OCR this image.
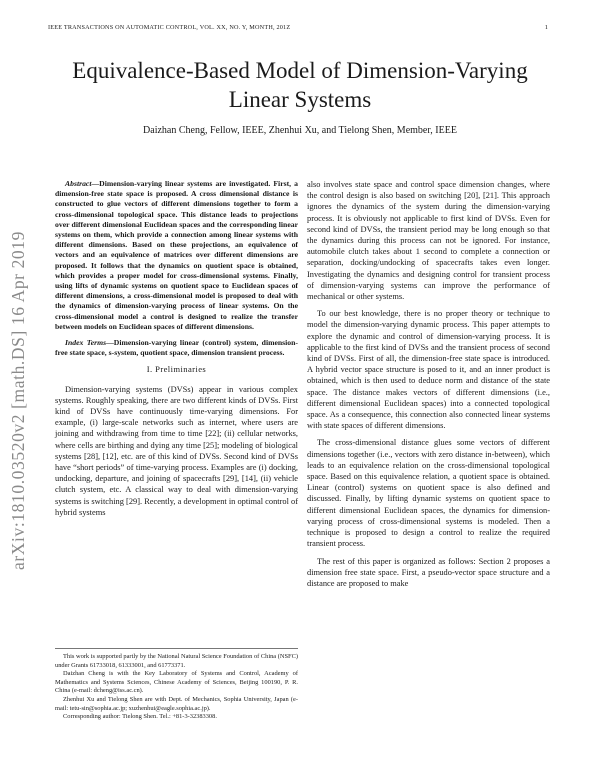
IEEE TRANSACTIONS ON AUTOMATIC CONTROL, VOL. XX, NO. Y, MONTH, 201Z	1
arXiv:1810.03520v2 [math.DS] 16 Apr 2019
Equivalence-Based Model of Dimension-Varying Linear Systems
Daizhan Cheng, Fellow, IEEE, Zhenhui Xu, and Tielong Shen, Member, IEEE

Abstract—Dimension-varying linear systems are investigated. First, a dimension-free state space is proposed. A cross dimensional distance is constructed to glue vectors of different dimensions together to form a cross-dimensional topological space. This distance leads to projections over different dimensional Euclidean spaces and the corresponding linear systems on them, which provide a connection among linear systems with different dimensions. Based on these projections, an equivalence of vectors and an equivalence of matrices over different dimensions are proposed. It follows that the dynamics on quotient space is obtained, which provides a proper model for cross-dimensional systems. Finally, using lifts of dynamic systems on quotient space to Euclidean spaces of different dimensions, a cross-dimensional model is proposed to deal with the dynamics of dimension-varying process of linear systems. On the cross-dimensional model a control is designed to realize the transfer between models on Euclidean spaces of different dimensions.

Index Terms—Dimension-varying linear (control) system, dimension-free state space, s-system, quotient space, dimension transient process.

I. Preliminaries

Dimension-varying systems (DVSs) appear in various complex systems. Roughly speaking, there are two different kinds of DVSs. First kind of DVSs have continuously time-varying dimensions. For example, (i) large-scale networks such as internet, where users are joining and withdrawing from time to time [22]; (ii) cellular networks, where cells are birthing and dying any time [25]; modeling of biological systems [28], [12], etc. are of this kind of DVSs. Second kind of DVSs have “short periods” of time-varying process. Examples are (i) docking, undocking, departure, and joining of spacecrafts [29], [14], (ii) vehicle clutch system, etc. A classical way to deal with dimension-varying systems is switching [29]. Recently, a development in optimal control of hybrid systems

This work is supported partly by the National Natural Science Foundation of China (NSFC) under Grants 61733018, 61333001, and 61773371.
Daizhan Cheng is with the Key Laboratory of Systems and Control, Academy of Mathematics and Systems Sciences, Chinese Academy of Sciences, Beijing 100190, P. R. China (e-mail: dcheng@iss.ac.cn).
Zhenhui Xu and Tielong Shen are with Dept. of Mechanics, Sophia University, Japan (e-mail: tetu-sin@sophia.ac.jp; xuzhenhui@eagle.sophia.ac.jp).
Corresponding author: Tielong Shen. Tel.: +81-3-32383308.

also involves state space and control space dimension changes, where the control design is also based on switching [20], [21]. This approach ignores the dynamics of the system during the dimension-varying process. It is obviously not applicable to first kind of DVSs. Even for second kind of DVSs, the transient period may be long enough so that the dynamics during this process can not be ignored. For instance, automobile clutch takes about 1 second to complete a connection or separation, docking/undocking of spacecrafts takes even longer. Investigating the dynamics and designing control for transient process of dimension-varying systems can improve the performance of mechanical or other systems.

To our best knowledge, there is no proper theory or technique to model the dimension-varying dynamic process. This paper attempts to explore the dynamic and control of dimension-varying process. It is applicable to the first kind of DVSs and the transient process of second kind of DVSs. First of all, the dimension-free state space is introduced. A hybrid vector space structure is posed to it, and an inner product is obtained, which is then used to deduce norm and distance of the state space. The distance makes vectors of different dimensions (i.e., different dimensional Euclidean spaces) into a connected topological space. As a consequence, this connection also connected linear systems with state spaces of different dimensions.

The cross-dimensional distance glues some vectors of different dimensions together (i.e., vectors with zero distance in-between), which leads to an equivalence relation on the cross-dimensional topological space. Based on this equivalence relation, a quotient space is obtained. Linear (control) systems on quotient space is also defined and discussed. Finally, by lifting dynamic systems on quotient space to different dimensional Euclidean spaces, the dynamics for dimension-varying process of cross-dimensional systems is modeled. Then a technique is proposed to design a control to realize the required transient process.

The rest of this paper is organized as follows: Section 2 proposes a dimension free state space. First, a pseudo-vector space structure and a distance are proposed to make
